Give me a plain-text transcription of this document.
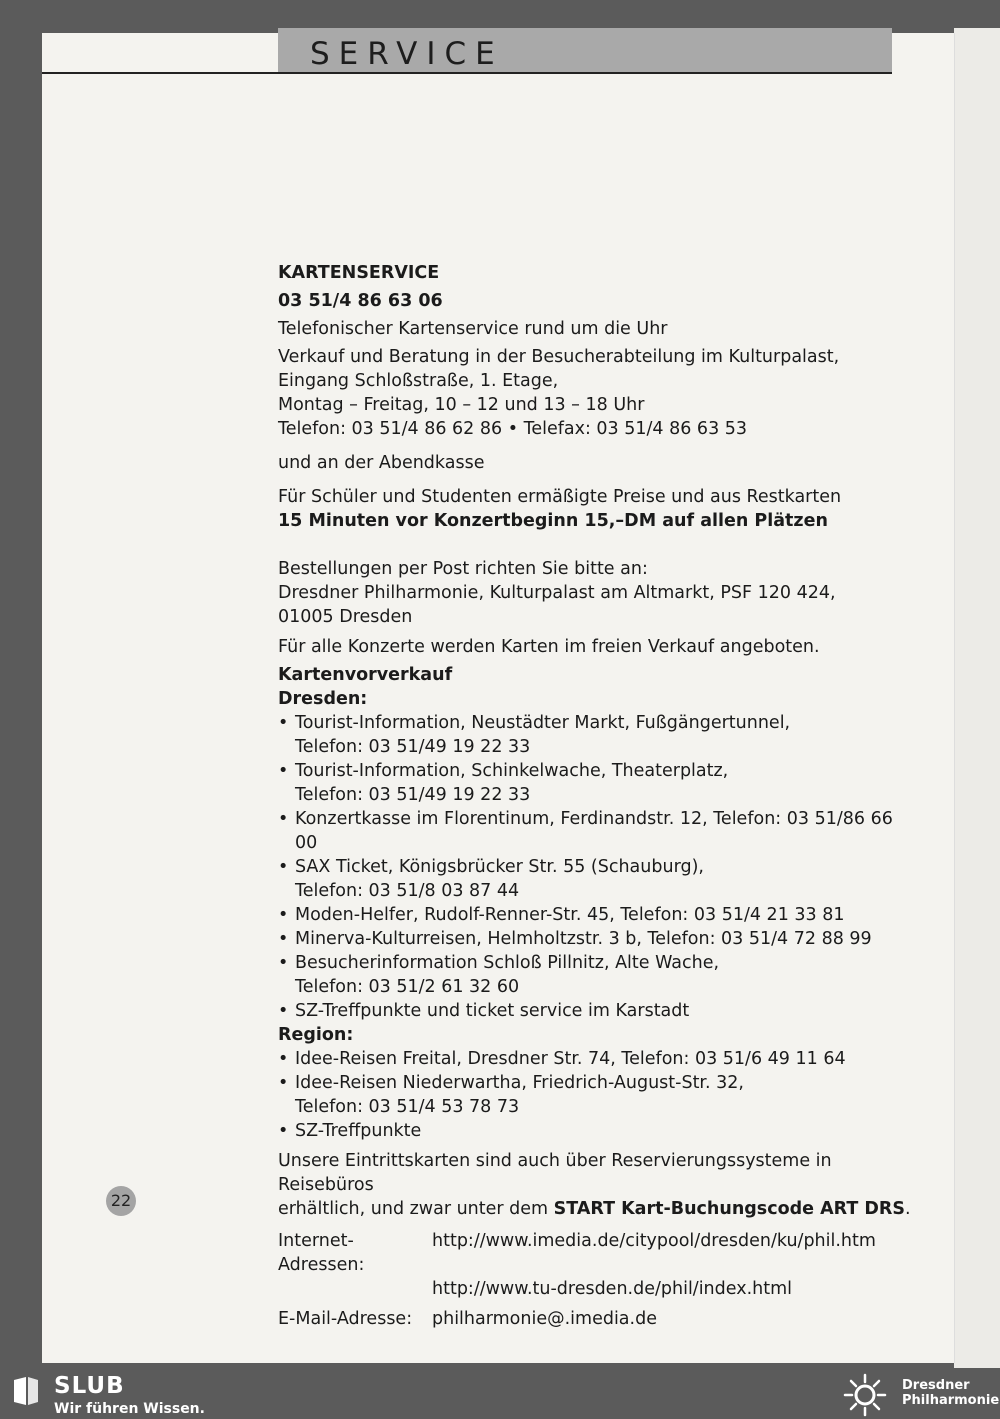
SERVICE

KARTENSERVICE

03 51/4 86 63 06

Telefonischer Kartenservice rund um die Uhr

Verkauf und Beratung in der Besucherabteilung im Kulturpalast,
Eingang Schloßstraße, 1. Etage,
Montag – Freitag, 10 – 12 und 13 – 18 Uhr
Telefon: 03 51/4 86 62 86 • Telefax: 03 51/4 86 63 53

und an der Abendkasse

Für Schüler und Studenten ermäßigte Preise und aus Restkarten

15 Minuten vor Konzertbeginn 15,–DM auf allen Plätzen

Bestellungen per Post richten Sie bitte an:
Dresdner Philharmonie, Kulturpalast am Altmarkt, PSF 120 424,
01005 Dresden

Für alle Konzerte werden Karten im freien Verkauf angeboten.

Kartenvorverkauf

Dresden:

• Tourist-Information, Neustädter Markt, Fußgängertunnel,
Telefon: 03 51/49 19 22 33
• Tourist-Information, Schinkelwache, Theaterplatz,
Telefon: 03 51/49 19 22 33
• Konzertkasse im Florentinum, Ferdinandstr. 12, Telefon: 03 51/86 66 00
• SAX Ticket, Königsbrücker Str. 55 (Schauburg),
Telefon: 03 51/8 03 87 44
• Moden-Helfer, Rudolf-Renner-Str. 45, Telefon: 03 51/4 21 33 81
• Minerva-Kulturreisen, Helmholtzstr. 3 b, Telefon: 03 51/4 72 88 99
• Besucherinformation Schloß Pillnitz, Alte Wache,
Telefon: 03 51/2 61 32 60
• SZ-Treffpunkte und ticket service im Karstadt

Region:

• Idee-Reisen Freital, Dresdner Str. 74, Telefon: 03 51/6 49 11 64
• Idee-Reisen Niederwartha, Friedrich-August-Str. 32,
Telefon: 03 51/4 53 78 73
• SZ-Treffpunkte
Unsere Eintrittskarten sind auch über Reservierungssysteme in Reisebüros
erhältlich, und zwar unter dem START Kart-Buchungscode ART DRS.
Internet-Adressen:	http://www.imedia.de/citypool/dresden/ku/phil.htm
	http://www.tu-dresden.de/phil/index.html
E-Mail-Adresse:	philharmonie@.imedia.de
22
SLUB
Wir führen Wissen.
Dresdner
Philharmonie
